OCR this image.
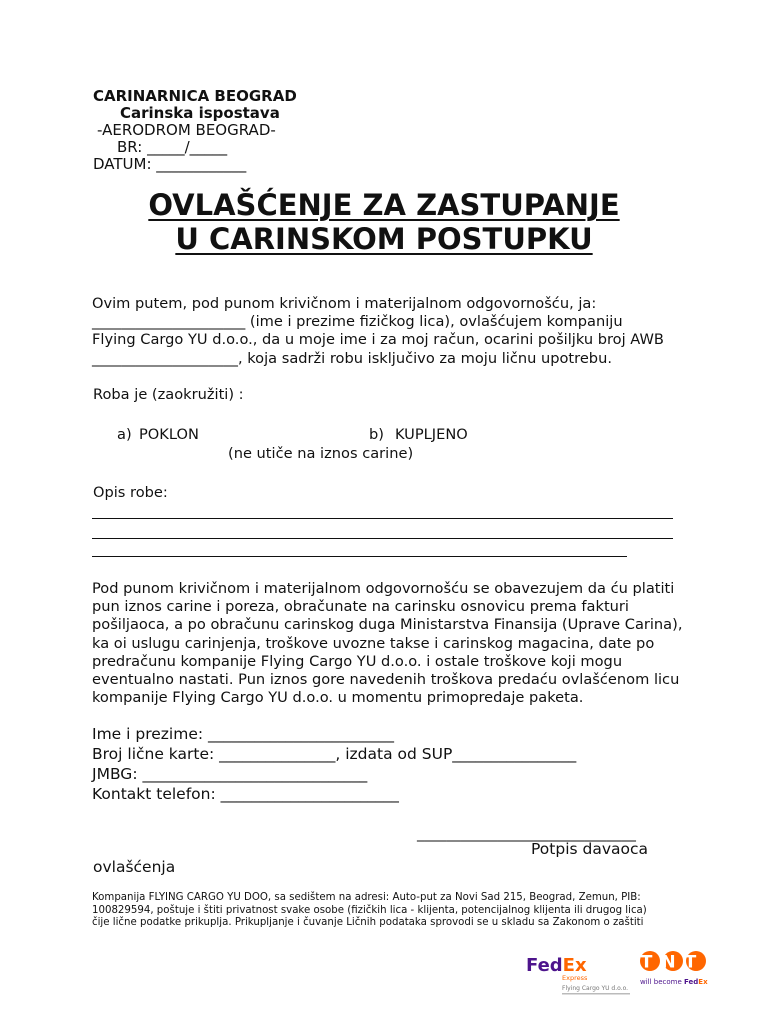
CARINARNICA BEOGRAD
Carinska ispostava
-AERODROM BEOGRAD-
BR: _____/_____
DATUM: ____________
OVLAŠĆENJE ZA ZASTUPANJE
U CARINSKOM POSTUPKU
Ovim putem, pod punom krivičnom i materijalnom odgovornošću, ja:
_____________________ (ime i prezime fizičkog lica), ovlašćujem kompaniju
Flying Cargo YU d.o.o., da u moje ime i za moj račun, ocarini pošiljku broj AWB
____________________, koja sadrži robu isključivo za moju ličnu upotrebu.
Roba je (zaokružiti) :
a) POKLON	b) KUPLJENO
(ne utiče na iznos carine)
Opis robe:
Pod punom krivičnom i materijalnom odgovornošću se obavezujem da ću platiti
pun iznos carine i poreza, obračunate na carinsku osnovicu prema fakturi
pošiljaoca, a po obračunu carinskog duga Ministarstva Finansija (Uprave Carina),
ka oi uslugu carinjenja, troškove uvozne takse i carinskog magacina, date po
predračunu kompanije Flying Cargo YU d.o.o. i ostale troškove koji mogu
eventualno nastati. Pun iznos gore navedenih troškova predaću ovlašćenom licu
kompanije Flying Cargo YU d.o.o. u momentu primopredaje paketa.
Ime i prezime: ________________________
Broj lične karte: _______________, izdata od SUP________________
JMBG: _____________________________
Kontakt telefon: _______________________
______________________________
Potpis davaoca
ovlašćenja
Kompanija FLYING CARGO YU DOO, sa sedištem na adresi: Auto-put za Novi Sad 215, Beograd, Zemun, PIB:
100829594, poštuje i štiti privatnost svake osobe (fizičkih lica - klijenta, potencijalnog klijenta ili drugog lica)
čije lične podatke prikuplja. Prikupljanje i čuvanje Ličnih podataka sprovodi se u skladu sa Zakonom o zaštiti
FedEx
Express
Flying Cargo YU d.o.o.
TNT
will become FedEx
